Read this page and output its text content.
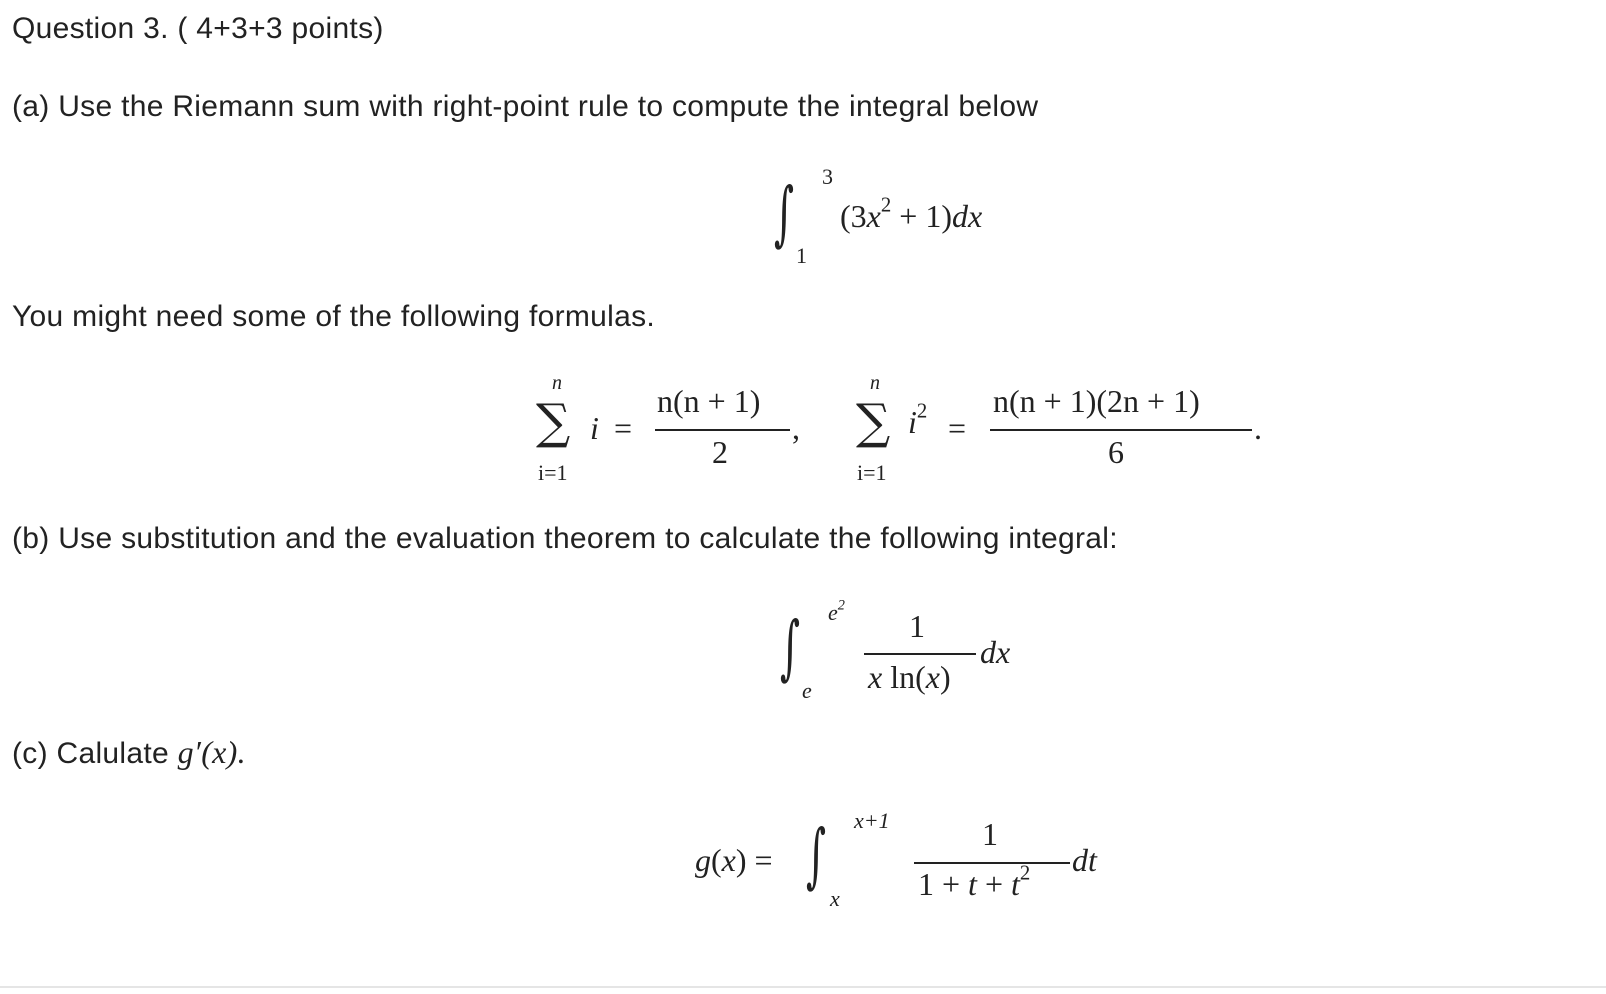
Question 3. ( 4+3+3 points)
(a) Use the Riemann sum with right-point rule to compute the integral below
3
∫
1
$(3x^2 + 1)dx$
You might need some of the following formulas.
n
∑
i=1
i =
n(n + 1)
2
,
n
∑
i=1
$i^2$ =
n(n + 1)(2n + 1)
6
.
(b) Use substitution and the evaluation theorem to calculate the following integral:
$e^2$
∫
e
1
x ln(x)
dx
(c) Calulate g′(x).
g(x) =
x+1
∫
x
1
$1 + t + t^2$ dt
